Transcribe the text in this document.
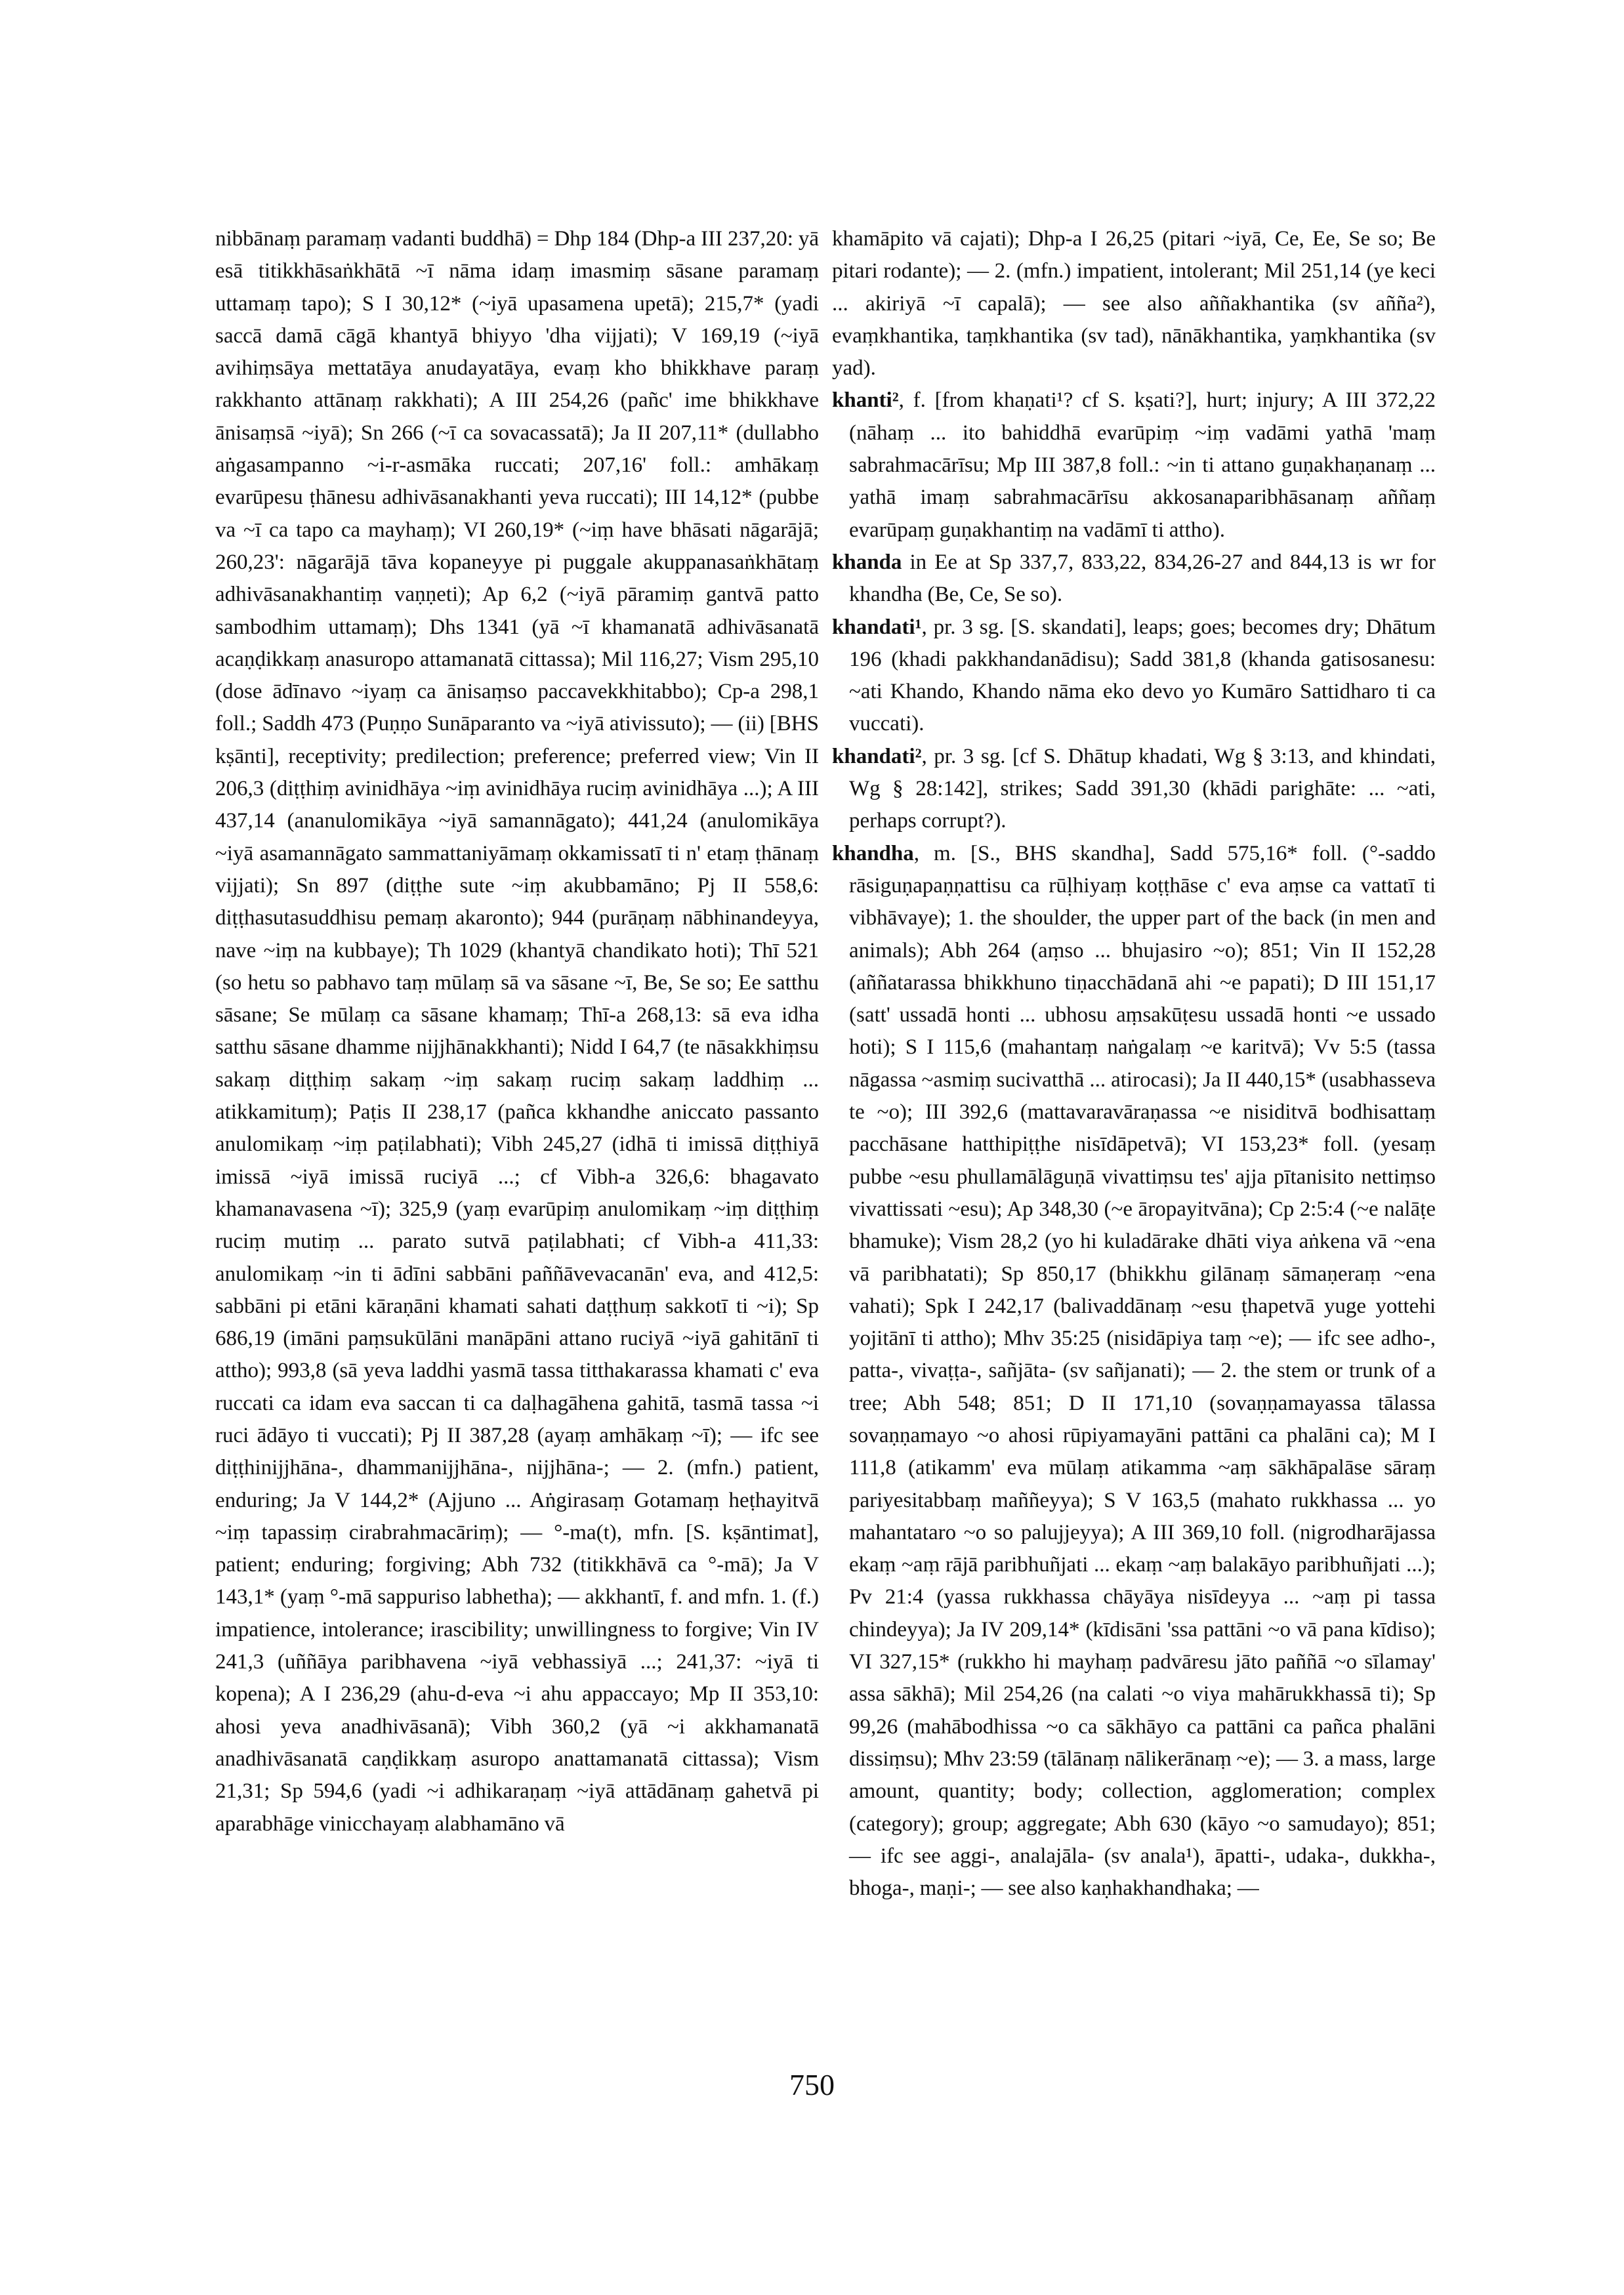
nibbānaṃ paramaṃ vadanti buddhā) = Dhp 184 (Dhp-a III 237,20: yā esā titikkhāsaṅkhātā ~ī nāma idaṃ imasmiṃ sāsane paramaṃ uttamaṃ tapo); S I 30,12* (~iyā upasamena upetā); 215,7* (yadi saccā damā cāgā khantyā bhiyyo 'dha vijjati); V 169,19 (~iyā avihiṃsāya mettatāya anudayatāya, evaṃ kho bhikkhave paraṃ rakkhanto attānaṃ rakkhati); A III 254,26 (pañc' ime bhikkhave ānisaṃsā ~iyā); Sn 266 (~ī ca sovacassatā); Ja II 207,11* (dullabho aṅgasampanno ~i-r-asmāka ruccati; 207,16' foll.: amhākaṃ evarūpesu ṭhānesu adhivāsanakhanti yeva ruccati); III 14,12* (pubbe va ~ī ca tapo ca mayhaṃ); VI 260,19* (~iṃ have bhāsati nāgarājā; 260,23': nāgarājā tāva kopaneyye pi puggale akuppanasaṅkhātaṃ adhivāsanakhantiṃ vaṇṇeti); Ap 6,2 (~iyā pāramiṃ gantvā patto sambodhim uttamaṃ); Dhs 1341 (yā ~ī khamanatā adhivāsanatā acaṇḍikkaṃ anasuropo attamanatā cittassa); Mil 116,27; Vism 295,10 (dose ādīnavo ~iyaṃ ca ānisaṃso paccavekkhitabbo); Cp-a 298,1 foll.; Saddh 473 (Puṇṇo Sunāparanto va ~iyā ativissuto); — (ii) [BHS kṣānti], receptivity; predilection; preference; preferred view; Vin II 206,3 (diṭṭhiṃ avinidhāya ~iṃ avinidhāya ruciṃ avinidhāya ...); A III 437,14 (ananulomikāya ~iyā samannāgato); 441,24 (anulomikāya ~iyā asamannāgato sammattaniyāmaṃ okkamissatī ti n' etaṃ ṭhānaṃ vijjati); Sn 897 (diṭṭhe sute ~iṃ akubbamāno; Pj II 558,6: diṭṭhasutasuddhisu pemaṃ akaronto); 944 (purāṇaṃ nābhinandeyya, nave ~iṃ na kubbaye); Th 1029 (khantyā chandikato hoti); Thī 521 (so hetu so pabhavo taṃ mūlaṃ sā va sāsane ~ī, Be, Se so; Ee satthu sāsane; Se mūlaṃ ca sāsane khamaṃ; Thī-a 268,13: sā eva idha satthu sāsane dhamme nijjhānakkhanti); Nidd I 64,7 (te nāsakkhiṃsu sakaṃ diṭṭhiṃ sakaṃ ~iṃ sakaṃ ruciṃ sakaṃ laddhiṃ ... atikkamituṃ); Paṭis II 238,17 (pañca kkhandhe aniccato passanto anulomikaṃ ~iṃ paṭilabhati); Vibh 245,27 (idhā ti imissā diṭṭhiyā imissā ~iyā imissā ruciyā ...; cf Vibh-a 326,6: bhagavato khamanavasena ~ī); 325,9 (yaṃ evarūpiṃ anulomikaṃ ~iṃ diṭṭhiṃ ruciṃ mutiṃ ... parato sutvā paṭilabhati; cf Vibh-a 411,33: anulomikaṃ ~in ti ādīni sabbāni paññāvevacanān' eva, and 412,5: sabbāni pi etāni kāraṇāni khamati sahati daṭṭhuṃ sakkotī ti ~i); Sp 686,19 (imāni paṃsukūlāni manāpāni attano ruciyā ~iyā gahitānī ti attho); 993,8 (sā yeva laddhi yasmā tassa titthakarassa khamati c' eva ruccati ca idam eva saccan ti ca daḷhagāhena gahitā, tasmā tassa ~i ruci ādāyo ti vuccati); Pj II 387,28 (ayaṃ amhākaṃ ~ī); — ifc see diṭṭhinijjhāna-, dhammanijjhāna-, nijjhāna-; — 2. (mfn.) patient, enduring; Ja V 144,2* (Ajjuno ... Aṅgirasaṃ Gotamaṃ heṭhayitvā ~iṃ tapassiṃ cirabrahmacāriṃ); — °-ma(t), mfn. [S. kṣāntimat], patient; enduring; forgiving; Abh 732 (titikkhāvā ca °-mā); Ja V 143,1* (yaṃ °-mā sappuriso labhetha); — akkhantī, f. and mfn. 1. (f.) impatience, intolerance; irascibility; unwillingness to forgive; Vin IV 241,3 (uññāya paribhavena ~iyā vebhassiyā ...; 241,37: ~iyā ti kopena); A I 236,29 (ahu-d-eva ~i ahu appaccayo; Mp II 353,10: ahosi yeva anadhivāsanā); Vibh 360,2 (yā ~i akkhamanatā anadhivāsanatā caṇḍikkaṃ asuropo anattamanatā cittassa); Vism 21,31; Sp 594,6 (yadi ~i adhikaraṇaṃ ~iyā attādānaṃ gahetvā pi aparabhāge vinicchayaṃ alabhamāno vā

khamāpito vā cajati); Dhp-a I 26,25 (pitari ~iyā, Ce, Ee, Se so; Be pitari rodante); — 2. (mfn.) impatient, intolerant; Mil 251,14 (ye keci ... akiriyā ~ī capalā); — see also aññakhantika (sv añña²), evaṃkhantika, taṃkhantika (sv tad), nānākhantika, yaṃkhantika (sv yad).

khanti², f. [from khaṇati¹? cf S. kṣati?], hurt; injury; A III 372,22 (nāhaṃ ... ito bahiddhā evarūpiṃ ~iṃ vadāmi yathā 'maṃ sabrahmacārīsu; Mp III 387,8 foll.: ~in ti attano guṇakhaṇanaṃ ... yathā imaṃ sabrahmacārīsu akkosanaparibhāsanaṃ aññaṃ evarūpaṃ guṇakhantiṃ na vadāmī ti attho).

khanda in Ee at Sp 337,7, 833,22, 834,26-27 and 844,13 is wr for khandha (Be, Ce, Se so).

khandati¹, pr. 3 sg. [S. skandati], leaps; goes; becomes dry; Dhātum 196 (khadi pakkhandanādisu); Sadd 381,8 (khanda gatisosanesu: ~ati Khando, Khando nāma eko devo yo Kumāro Sattidharo ti ca vuccati).

khandati², pr. 3 sg. [cf S. Dhātup khadati, Wg § 3:13, and khindati, Wg § 28:142], strikes; Sadd 391,30 (khādi parighāte: ... ~ati, perhaps corrupt?).

khandha, m. [S., BHS skandha], Sadd 575,16* foll. (°-saddo rāsiguṇapaṇṇattisu ca rūḷhiyaṃ koṭṭhāse c' eva aṃse ca vattatī ti vibhāvaye); 1. the shoulder, the upper part of the back (in men and animals); Abh 264 (aṃso ... bhujasiro ~o); 851; Vin II 152,28 (aññatarassa bhikkhuno tiṇacchādanā ahi ~e papati); D III 151,17 (satt' ussadā honti ... ubhosu aṃsakūṭesu ussadā honti ~e ussado hoti); S I 115,6 (mahantaṃ naṅgalaṃ ~e karitvā); Vv 5:5 (tassa nāgassa ~asmiṃ sucivatthā ... atirocasi); Ja II 440,15* (usabhasseva te ~o); III 392,6 (mattavaravāraṇassa ~e nisiditvā bodhisattaṃ pacchāsane hatthipiṭṭhe nisīdāpetvā); VI 153,23* foll. (yesaṃ pubbe ~esu phullamālāguṇā vivattiṃsu tes' ajja pītanisito nettiṃso vivattissati ~esu); Ap 348,30 (~e āropayitvāna); Cp 2:5:4 (~e nalāṭe bhamuke); Vism 28,2 (yo hi kuladārake dhāti viya aṅkena vā ~ena vā paribhatati); Sp 850,17 (bhikkhu gilānaṃ sāmaṇeraṃ ~ena vahati); Spk I 242,17 (balivaddānaṃ ~esu ṭhapetvā yuge yottehi yojitānī ti attho); Mhv 35:25 (nisidāpiya taṃ ~e); — ifc see adho-, patta-, vivaṭṭa-, sañjāta- (sv sañjanati); — 2. the stem or trunk of a tree; Abh 548; 851; D II 171,10 (sovaṇṇamayassa tālassa sovaṇṇamayo ~o ahosi rūpiyamayāni pattāni ca phalāni ca); M I 111,8 (atikamm' eva mūlaṃ atikamma ~aṃ sākhāpalāse sāraṃ pariyesitabbaṃ maññeyya); S V 163,5 (mahato rukkhassa ... yo mahantataro ~o so palujjeyya); A III 369,10 foll. (nigrodharājassa ekaṃ ~aṃ rājā paribhuñjati ... ekaṃ ~aṃ balakāyo paribhuñjati ...); Pv 21:4 (yassa rukkhassa chāyāya nisīdeyya ... ~aṃ pi tassa chindeyya); Ja IV 209,14* (kīdisāni 'ssa pattāni ~o vā pana kīdiso); VI 327,15* (rukkho hi mayhaṃ padvāresu jāto paññā ~o sīlamay' assa sākhā); Mil 254,26 (na calati ~o viya mahārukkhassā ti); Sp 99,26 (mahābodhissa ~o ca sākhāyo ca pattāni ca pañca phalāni dissiṃsu); Mhv 23:59 (tālānaṃ nālikerānaṃ ~e); — 3. a mass, large amount, quantity; body; collection, agglomeration; complex (category); group; aggregate; Abh 630 (kāyo ~o samudayo); 851; — ifc see aggi-, analajāla- (sv anala¹), āpatti-, udaka-, dukkha-, bhoga-, maṇi-; — see also kaṇhakhandhaka; —

750
